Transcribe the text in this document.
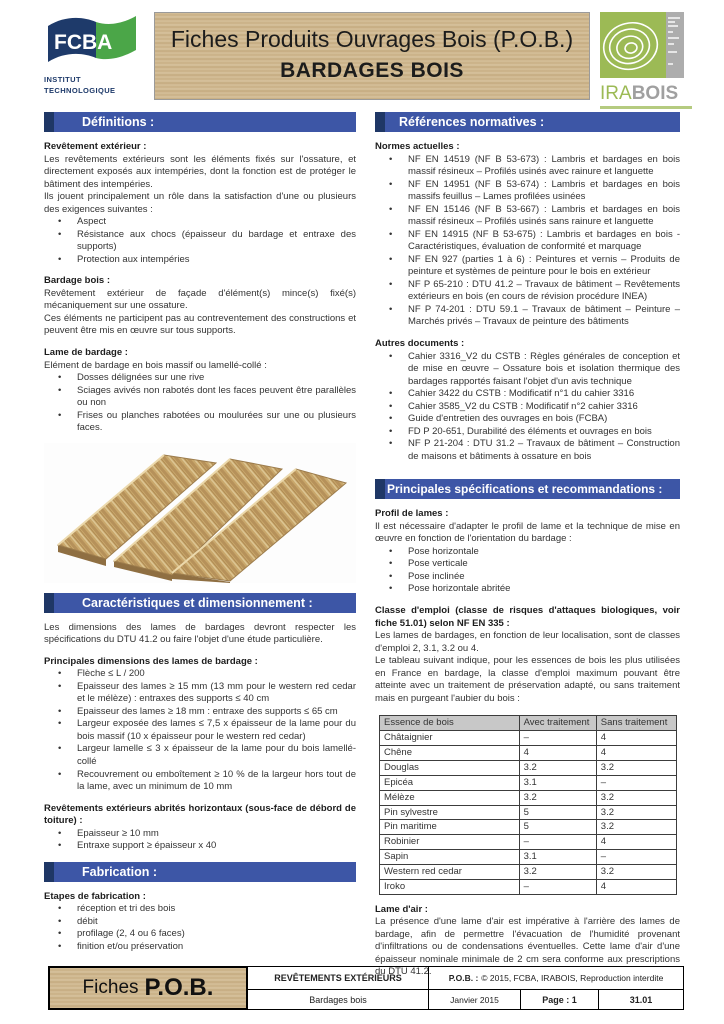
FCBA
INSTITUT
TECHNOLOGIQUE
Fiches Produits Ouvrages Bois (P.O.B.)
BARDAGES BOIS
IRABOIS
Définitions :
Revêtement extérieur :

Les revêtements extérieurs sont les éléments fixés sur l'ossature, et directement exposés aux intempéries, dont la fonction est de protéger le bâtiment des intempéries.

Ils jouent principalement un rôle dans la satisfaction d'une ou plusieurs des exigences suivantes :

• Aspect
• Résistance aux chocs (épaisseur du bardage et entraxe des supports)
• Protection aux intempéries
Bardage bois :

Revêtement extérieur de façade d'élément(s) mince(s) fixé(s) mécaniquement sur une ossature.

Ces éléments ne participent pas au contreventement des constructions et peuvent être mis en œuvre sur tous supports.

Lame de bardage :

Elément de bardage en bois massif ou lamellé-collé :

• Dosses délignées sur une rive
• Sciages avivés non rabotés dont les faces peuvent être parallèles ou non
• Frises ou planches rabotées ou moulurées sur une ou plusieurs faces.
Caractéristiques et dimensionnement :

Les dimensions des lames de bardages devront respecter les spécifications du DTU 41.2 ou faire l'objet d'une étude particulière.

Principales dimensions des lames de bardage :
• Flèche ≤ L / 200
• Epaisseur des lames ≥ 15 mm (13 mm pour le western red cedar et le mélèze) : entraxes des supports ≤ 40 cm
• Epaisseur des lames ≥ 18 mm : entraxe des supports ≤ 65 cm
• Largeur exposée des lames ≤ 7,5 x épaisseur de la lame pour du bois massif (10 x épaisseur pour le western red cedar)
• Largeur lamelle ≤ 3 x épaisseur de la lame pour du bois lamellé-collé
• Recouvrement ou emboîtement ≥ 10 % de la largeur hors tout de la lame, avec un minimum de 10 mm
Revêtements extérieurs abrités horizontaux (sous-face de débord de toiture) :
• Epaisseur ≥ 10 mm
• Entraxe support ≥ épaisseur x 40
Fabrication :
Etapes de fabrication :
• réception et tri des bois
• débit
• profilage (2, 4 ou 6 faces)
• finition et/ou préservation
Références normatives :
Normes actuelles :
• NF EN 14519 (NF B 53-673) : Lambris et bardages en bois massif résineux – Profilés usinés avec rainure et languette
• NF EN 14951 (NF B 53-674) : Lambris et bardages en bois massifs feuillus – Lames profilées usinées
• NF EN 15146 (NF B 53-667) : Lambris et bardages en bois massif résineux – Profilés usinés sans rainure et languette
• NF EN 14915 (NF B 53-675) : Lambris et bardages en bois - Caractéristiques, évaluation de conformité et marquage
• NF EN 927 (parties 1 à 6) : Peintures et vernis – Produits de peinture et systèmes de peinture pour le bois en extérieur
• NF P 65-210 : DTU 41.2 – Travaux de bâtiment – Revêtements extérieurs en bois (en cours de révision procédure INEA)
• NF P 74-201 : DTU 59.1 – Travaux de bâtiment – Peinture – Marchés privés – Travaux de peinture des bâtiments
Autres documents :
• Cahier 3316_V2 du CSTB : Règles générales de conception et de mise en œuvre – Ossature bois et isolation thermique des bardages rapportés faisant l'objet d'un avis technique
• Cahier 3422 du CSTB : Modificatif n°1 du cahier 3316
• Cahier 3585_V2 du CSTB : Modificatif n°2 cahier 3316
• Guide d'entretien des ouvrages en bois (FCBA)
• FD P 20-651, Durabilité des éléments et ouvrages en bois
• NF P 21-204 : DTU 31.2 – Travaux de bâtiment – Construction de maisons et bâtiments à ossature en bois
Principales spécifications et recommandations :
Profil de lames :

Il est nécessaire d'adapter le profil de lame et la technique de mise en œuvre en fonction de l'orientation du bardage :

• Pose horizontale
• Pose verticale
• Pose inclinée
• Pose horizontale abritée
Classe d'emploi (classe de risques d'attaques biologiques, voir fiche 51.01) selon NF EN 335 :

Les lames de bardages, en fonction de leur localisation, sont de classes d'emploi 2, 3.1, 3.2 ou 4.

Le tableau suivant indique, pour les essences de bois les plus utilisées en France en bardage, la classe d'emploi maximum pouvant être atteinte avec un traitement de préservation adapté, ou sans traitement mais en purgeant l'aubier du bois :

Essence de bois	Avec traitement	Sans traitement
Châtaignier	–	4
Chêne	4	4
Douglas	3.2	3.2
Epicéa	3.1	–
Mélèze	3.2	3.2
Pin sylvestre	5	3.2
Pin maritime	5	3.2
Robinier	–	4
Sapin	3.1	–
Western red cedar	3.2	3.2
Iroko	–	4
Lame d'air :

La présence d'une lame d'air est impérative à l'arrière des lames de bardage, afin de permettre l'évacuation de l'humidité provenant d'infiltrations ou de condensations éventuelles. Cette lame d'air d'une épaisseur nominale minimale de 2 cm sera conforme aux prescriptions du DTU 41.2.

Fiches P.O.B.	REVÊTEMENTS EXTÉRIEURS	P.O.B. : © 2015, FCBA, IRABOIS, Reproduction interdite
Bardages bois	Janvier 2015	Page : 1	31.01
